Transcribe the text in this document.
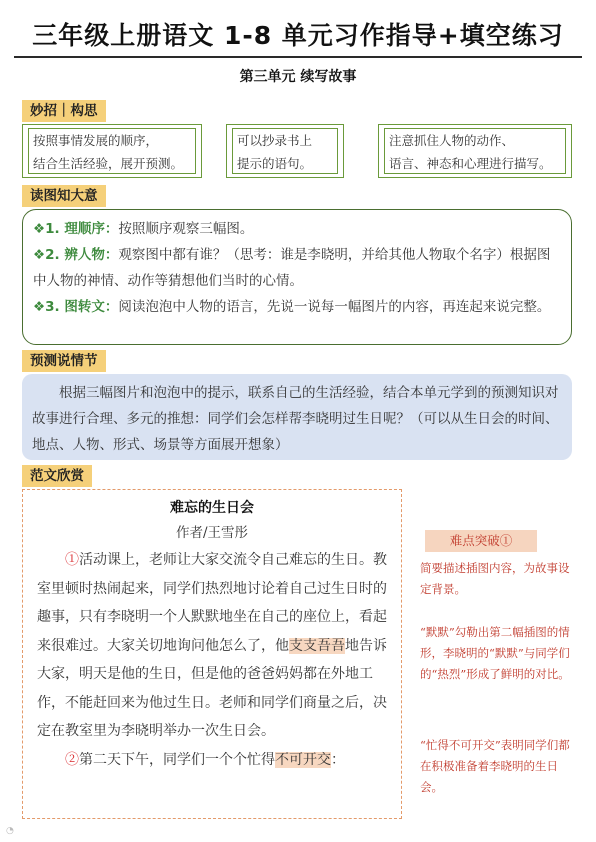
三年级上册语文 1-8 单元习作指导+填空练习
第三单元 续写故事
妙招｜构思
按照事情发展的顺序，
结合生活经验，展开预测。
可以抄录书上
提示的语句。
注意抓住人物的动作、
语言、神态和心理进行描写。
读图知大意
❖1. 理顺序：按照顺序观察三幅图。
❖2. 辨人物：观察图中都有谁？（思考：谁是李晓明，并给其他人物取个名字）根据图中人物的神情、动作等猜想他们当时的心情。
❖3. 图转文：阅读泡泡中人物的语言，先说一说每一幅图片的内容，再连起来说完整。
预测说情节
根据三幅图片和泡泡中的提示，联系自己的生活经验，结合本单元学到的预测知识对故事进行合理、多元的推想：同学们会怎样帮李晓明过生日呢？（可以从生日会的时间、地点、人物、形式、场景等方面展开想象）
范文欣赏
难忘的生日会
作者/王雪彤

①活动课上，老师让大家交流令自己难忘的生日。教室里顿时热闹起来，同学们热烈地讨论着自己过生日时的趣事，只有李晓明一个人默默地坐在自己的座位上，看起来很难过。大家关切地询问他怎么了，他支支吾吾地告诉大家，明天是他的生日，但是他的爸爸妈妈都在外地工作，不能赶回来为他过生日。老师和同学们商量之后，决定在教室里为李晓明举办一次生日会。

②第二天下午，同学们一个个忙得不可开交：

难点突破①
简要描述插图内容，为故事设定背景。
“默默”勾勒出第二幅插图的情形，李晓明的“默默”与同学们的“热烈”形成了鲜明的对比。
“忙得不可开交”表明同学们都在积极准备着李晓明的生日会。
◔
